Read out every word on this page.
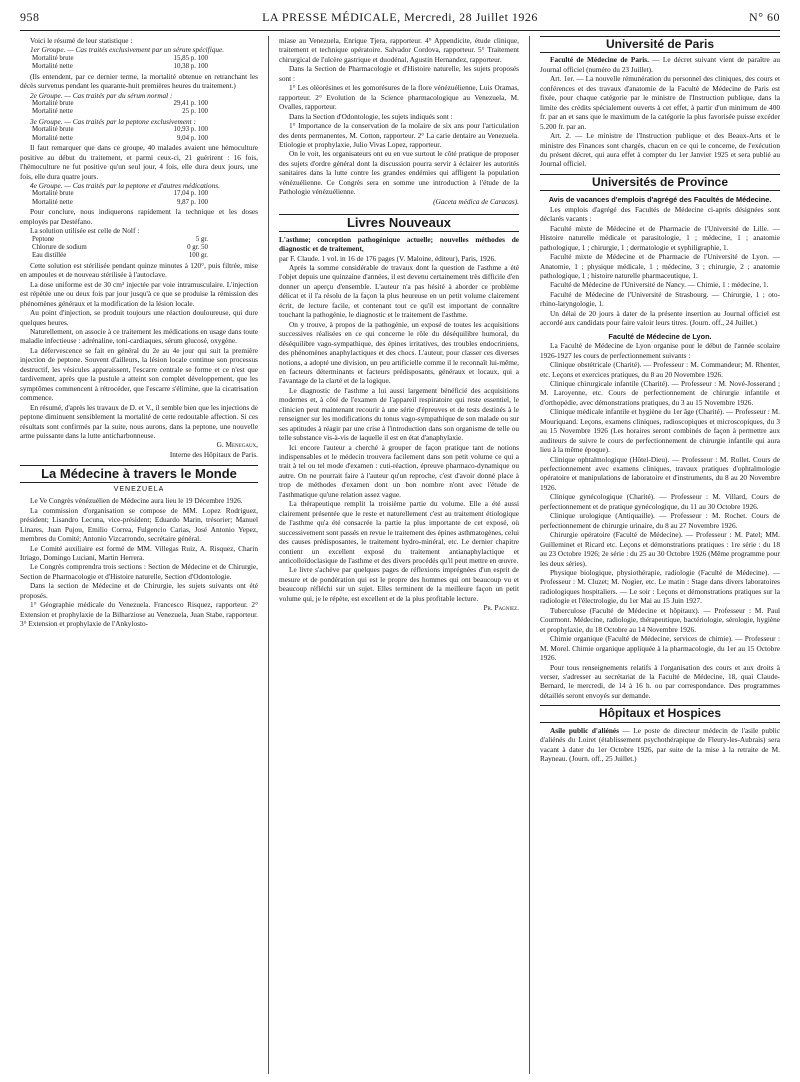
958	LA PRESSE MÉDICALE, Mercredi, 28 Juillet 1926	N° 60

Voici le résumé de leur statistique :

1er Groupe. — Cas traités exclusivement par un sérum spécifique.

Mortalité brute	15,85 p. 100
Mortalité nette	10,38 p. 100

(Ils entendent, par ce dernier terme, la mortalité obtenue en retranchant les décès survenus pendant les quarante-huit premières heures du traitement.)

2e Groupe. — Cas traités par du sérum normal :

Mortalité brute	29,41 p. 100
Mortalité nette	25 p. 100

3e Groupe. — Cas traités par la peptone exclusivement :

Mortalité brute	10,93 p. 100
Mortalité nette	9,04 p. 100

Il faut remarquer que dans ce groupe, 40 malades avaient une hémoculture positive au début du traitement, et parmi ceux-ci, 21 guérirent : 16 fois, l'hémoculture ne fut positive qu'un seul jour, 4 fois, elle dura deux jours, une fois, elle dura quatre jours.

4e Groupe. — Cas traités par la peptone et d'autres médications.

Mortalité brute	17,04 p. 100
Mortalité nette	9,87 p. 100

Pour conclure, nous indiquerons rapidement la technique et les doses employés par Destéfano.

La solution utilisée est celle de Nolf :

Peptone	5 gr.
Chlorure de sodium	0 gr. 50
Eau distillée	100 gr.

Cette solution est stérilisée pendant quinze minutes à 120°, puis filtrée, mise en ampoules et de nouveau stérilisée à l'autoclave.

La dose uniforme est de 30 cm³ injectée par voie intramusculaire. L'injection est répétée une ou deux fois par jour jusqu'à ce que se produise la rémission des phénomènes généraux et la modification de la lésion locale.

Au point d'injection, se produit toujours une réaction douloureuse, qui dure quelques heures.

Naturellement, on associe à ce traitement les médications en usage dans toute maladie infectieuse : adrénaline, toni-cardiaques, sérum glucosé, oxygène.

La défervescence se fait en général du 2e au 4e jour qui suit la première injection de peptone. Souvent d'ailleurs, la lésion locale continue son processus destructif, les vésicules apparaissent, l'escarre centrale se forme et ce n'est que tardivement, après que la pustule a atteint son complet développement, que les symptômes commencent à rétrocéder, que l'escarre s'élimine, que la cicatrisation commence.

En résumé, d'après les travaux de D. et V., il semble bien que les injections de peptone diminuent sensiblement la mortalité de cette redoutable affection. Si ces résultats sont confirmés par la suite, nous aurons, dans la peptone, une nouvelle arme puissante dans la lutte anticharbonneuse.

G. Menegaux,

Interne des Hôpitaux de Paris.

La Médecine à travers le Monde
VENEZUELA

Le Ve Congrès vénézuélien de Médecine aura lieu le 19 Décembre 1926.

La commission d'organisation se compose de MM. Lopez Rodriguez, président; Lisandro Lecuna, vice-président; Eduardo Marin, trésorier; Manuel Linares, Juan Pujou, Emilio Correa, Fulgencio Carias, José Antonio Yepez, membres du Comité; Antonio Vizcarrondo, secrétaire général.

Le Comité auxiliaire est formé de MM. Villegas Ruiz, A. Risquez, Charin Itriago, Domingo Luciani, Martin Herrera.

Le Congrès comprendra trois sections : Section de Médecine et de Chirurgie, Section de Pharmacologie et d'Histoire naturelle, Section d'Odontologie.

Dans la section de Médecine et de Chirurgie, les sujets suivants ont été proposés.

1° Géographie médicale du Venezuela. Francesco Risquez, rapporteur. 2° Extension et prophylaxie de la Bilharziose au Venezuela, Juan Stabe, rapporteur. 3° Extension et prophylaxie de l'Ankylosto-

miase au Venezuela, Enrique Tjera, rapporteur. 4° Appendicite, étude clinique, traitement et technique opératoire. Salvador Cordova, rapporteur. 5° Traitement chirurgical de l'ulcère gastrique et duodénal, Agustin Hernandez, rapporteur.

Dans la Section de Pharmacologie et d'Histoire naturelle, les sujets proposés sont :

1° Les oléorésines et les gomorésures de la flore vénézuélienne, Luis Oramas, rapporteur. 2° Evolution de la Science pharmacologique au Venezuela, M. Ovalles, rapporteur.

Dans la Section d'Odontologie, les sujets indiqués sont :

1° Importance de la conservation de la molaire de six ans pour l'articulation des dents permanentes, M. Cotton, rapporteur. 2° La carie dentaire au Venezuela. Etiologie et prophylaxie, Julio Vivas Lopez, rapporteur.

On le voit, les organisateurs ont eu en vue surtout le côté pratique de proposer des sujets d'ordre général dont la discussion pourra servir à éclairer les autorités sanitaires dans la lutte contre les grandes endémies qui affligent la population vénézuélienne. Ce Congrès sera en somme une introduction à l'étude de la Pathologie vénézuélienne.

(Gaceta médica de Caracas).

Livres Nouveaux

L'asthme; conception pathogénique actuelle; nouvelles méthodes de diagnostic et de traitement,

par F. Claude. 1 vol. in 16 de 176 pages (V. Maloine, éditeur), Paris, 1926.

Après la somme considérable de travaux dont la question de l'asthme a été l'objet depuis une quinzaine d'années, il est devenu certainement très difficile d'en donner un aperçu d'ensemble. L'auteur n'a pas hésité à aborder ce problème délicat et il l'a résolu de la façon la plus heureuse en un petit volume clairement écrit, de lecture facile, et contenant tout ce qu'il est important de connaître touchant la pathogénie, le diagnostic et le traitement de l'asthme.

On y trouve, à propos de la pathogénie, un exposé de toutes les acquisitions successives réalisées en ce qui concerne le rôle du déséquilibre humoral, du déséquilibre vago-sympathique, des épines irritatives, des troubles endocriniens, des phénomènes anaphylactiques et des chocs. L'auteur, pour classer ces diverses notions, a adopté une division, un peu artificielle comme il le reconnaît lui-même, en facteurs déterminants et facteurs prédisposants, généraux et locaux, qui a l'avantage de la clarté et de la logique.

Le diagnostic de l'asthme a lui aussi largement bénéficié des acquisitions modernes et, à côté de l'examen de l'appareil respiratoire qui reste essentiel, le clinicien peut maintenant recourir à une série d'épreuves et de tests destinés à le renseigner sur les modifications du tonus vago-sympathique de son malade ou sur ses aptitudes à réagir par une crise à l'introduction dans son organisme de telle ou telle substance vis-à-vis de laquelle il est en état d'anaphylaxie.

Ici encore l'auteur a cherché à grouper de façon pratique tant de notions indispensables et le médecin trouvera facilement dans son petit volume ce qui a trait à tel ou tel mode d'examen : cuti-réaction, épreuve pharmaco-dynamique ou autre. On ne pourrait faire à l'auteur qu'un reproche, c'est d'avoir donné place à trop de méthodes d'examen dont un bon nombre n'ont avec l'étude de l'asthmatique qu'une relation assez vague.

La thérapeutique remplit la troisième partie du volume. Elle a été aussi clairement présentée que le reste et naturellement c'est au traitement étiologique de l'asthme qu'a été consacrée la partie la plus importante de cet exposé, où successivement sont passés en revue le traitement des épines asthmatogènes, celui des causes prédisposantes, le traitement hydro-minéral, etc. Le dernier chapitre contient un excellent exposé du traitement antianaphylactique et anticolloïdoclasique de l'asthme et des divers procédés qu'il peut mettre en œuvre.

Le livre s'achève par quelques pages de réflexions imprégnées d'un esprit de mesure et de pondération qui est le propre des hommes qui ont beaucoup vu et beaucoup réfléchi sur un sujet. Elles terminent de la meilleure façon un petit volume qui, je le répète, est excellent et de la plus profitable lecture.

Pr. Pagniez.

Université de Paris

Faculté de Médecine de Paris. — Le décret suivant vient de paraître au Journal officiel (numéro du 23 Juillet).

Art. 1er. — La nouvelle rémunération du personnel des cliniques, des cours et conférences et des travaux d'anatomie de la Faculté de Médecine de Paris est fixée, pour chaque catégorie par le ministre de l'Instruction publique, dans la limite des crédits spécialement ouverts à cet effet, à partir d'un minimum de 400 fr. par an et sans que le maximum de la catégorie la plus favorisée puisse excéder 5.200 fr. par an.

Art. 2. — Le ministre de l'Instruction publique et des Beaux-Arts et le ministre des Finances sont chargés, chacun en ce qui le concerne, de l'exécution du présent décret, qui aura effet à compter du 1er Janvier 1925 et sera publié au Journal officiel.

Universités de Province

Avis de vacances d'emplois d'agrégé des Facultés de Médecine.

Les emplois d'agrégé des Facultés de Médecine ci-après désignées sont déclarés vacants :

Faculté mixte de Médecine et de Pharmacie de l'Université de Lille. — Histoire naturelle médicale et parasitologie, 1 ; médecine, 1 ; anatomie pathologique, 1 ; chirurgie, 1 ; dermatologie et syphiligraphie, 1.

Faculté mixte de Médecine et de Pharmacie de l'Université de Lyon. — Anatomie, 1 ; physique médicale, 1 ; médecine, 3 ; chirurgie, 2 ; anatomie pathologique, 1 ; histoire naturelle pharmaceutique, 1.

Faculté de Médecine de l'Université de Nancy. — Chimie, 1 : médecine, 1.

Faculté de Médecine de l'Université de Strasbourg. — Chirurgie, 1 ; oto-rhino-laryngologie, 1.

Un délai de 20 jours à dater de la présente insertion au Journal officiel est accordé aux candidats pour faire valoir leurs titres. (Journ. off., 24 Juillet.)

Faculté de Médecine de Lyon.

La Faculté de Médecine de Lyon organise pour le début de l'année scolaire 1926-1927 les cours de perfectionnement suivants :

Clinique obstétricale (Charité). — Professeur : M. Commandeur; M. Rhenter, etc. Leçons et exercices pratiques, du 8 au 20 Novembre 1926.

Clinique chirurgicale infantile (Charité). — Professeur : M. Nové-Josserand ; M. Laroyenne, etc. Cours de perfectionnement de chirurgie infantile et d'orthopédie, avec démonstrations pratiques, du 3 au 15 Novembre 1926.

Clinique médicale infantile et hygiène du 1er âge (Charité). — Professeur : M. Mouriquand. Leçons, examens cliniques, radioscopiques et microscopiques, du 3 au 15 Novembre 1926 (Les horaires seront combinés de façon à permettre aux auditeurs de suivre le cours de perfectionnement de chirurgie infantile qui aura lieu à la même époque).

Clinique ophtalmologique (Hôtel-Dieu). — Professeur : M. Rollet. Cours de perfectionnement avec examens cliniques, travaux pratiques d'ophtalmologie opératoire et manipulations de laboratoire et d'instruments, du 8 au 20 Novembre 1926.

Clinique gynécologique (Charité). — Professeur : M. Villard, Cours de perfectionnement et de pratique gynécologique, du 11 au 30 Octobre 1926.

Clinique urologique (Antiquaille). — Professeur : M. Rochet. Cours de perfectionnement de chirurgie urinaire, du 8 au 27 Novembre 1926.

Chirurgie opératoire (Faculté de Médecine). — Professeur : M. Patel; MM. Guilleminet et Ricard etc. Leçons et démonstrations pratiques : 1re série : du 18 au 23 Octobre 1926; 2e série : du 25 au 30 Octobre 1926 (Même programme pour les deux séries).

Physique biologique, physiothérapie, radiologie (Faculté de Médecine). — Professeur : M. Cluzet; M. Nogier, etc. Le matin : Stage dans divers laboratoires radiologiques hospitaliers. — Le soir : Leçons et démonstrations pratiques sur la radiologie et l'électrologie, du 1er Mai au 15 Juin 1927.

Tuberculose (Faculté de Médecine et hôpitaux). — Professeur : M. Paul Courmont. Médecine, radiologie, thérapeutique, bactériologie, sérologie, hygiène et prophylaxie, du 18 Octobre au 14 Novembre 1926.

Chimie organique (Faculté de Médecine, services de chimie). — Professeur : M. Morel. Chimie organique appliquée à la pharmacologie, du 1er au 15 Octobre 1926.

Pour tous renseignements relatifs à l'organisation des cours et aux droits à verser, s'adresser au secrétariat de la Faculté de Médecine, 18, quai Claude-Bernard, le mercredi, de 14 à 16 h. ou par correspondance. Des programmes détaillés seront envoyés sur demande.

Hôpitaux et Hospices

Asile public d'aliénés — Le poste de directeur médecin de l'asile public d'aliénés du Loiret (établissement psychothérapique de Fleury-les-Aubrais) sera vacant à dater du 1er Octobre 1926, par suite de la mise à la retraite de M. Rayneau. (Journ. off., 25 Juillet.)
